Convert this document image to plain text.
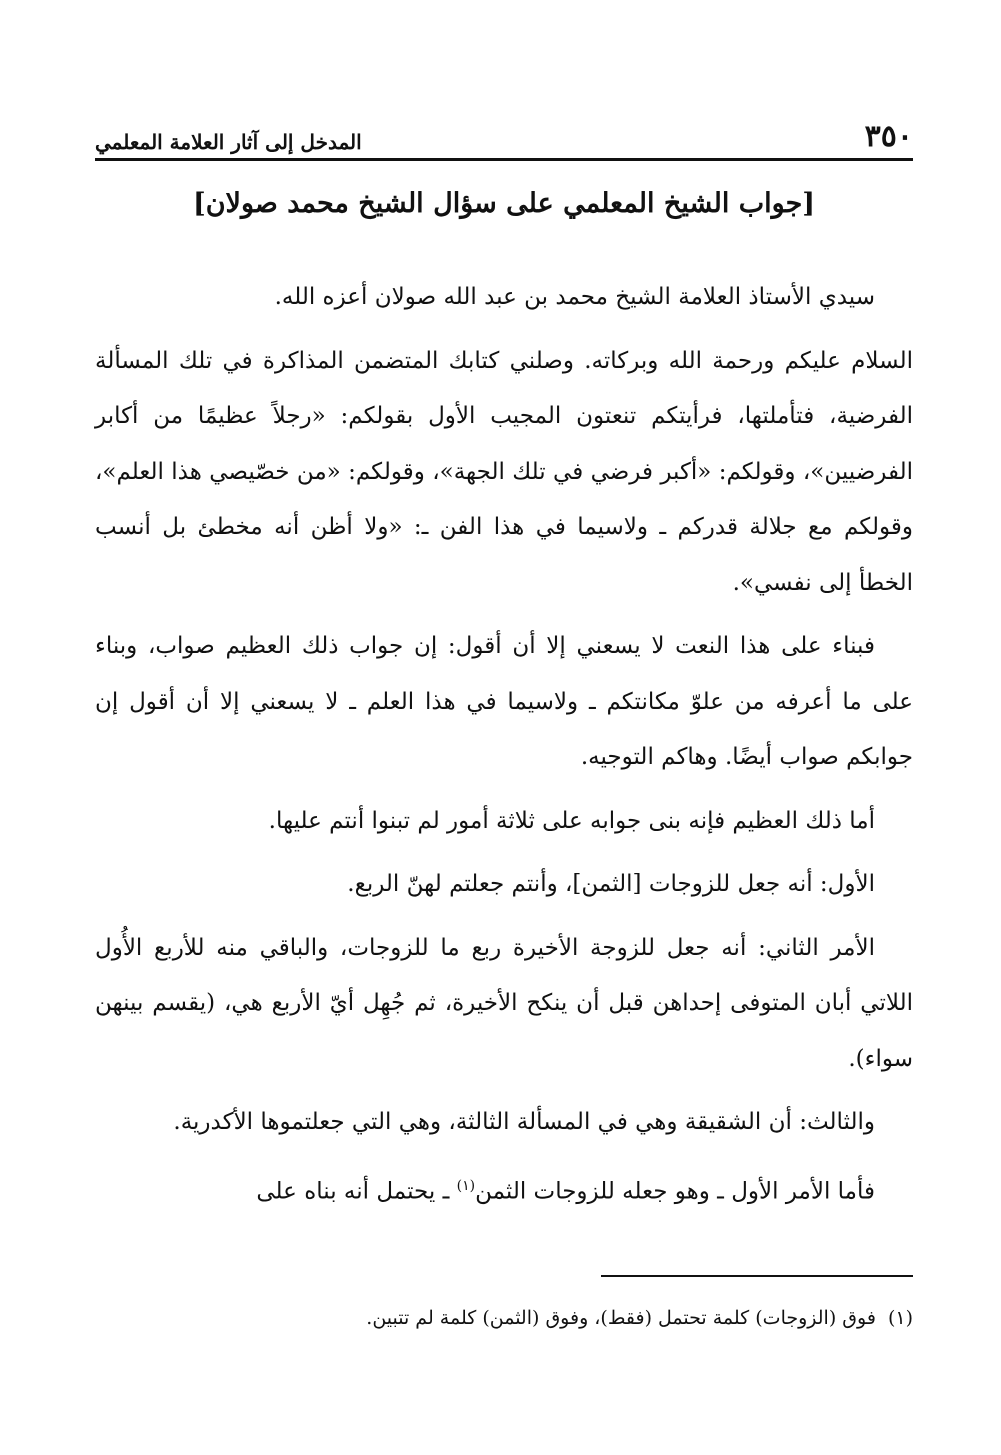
٣٥٠
المدخل إلى آثار العلامة المعلمي
[جواب الشيخ المعلمي على سؤال الشيخ محمد صولان]

سيدي الأستاذ العلامة الشيخ محمد بن عبد الله صولان أعزه الله.

السلام عليكم ورحمة الله وبركاته. وصلني كتابك المتضمن المذاكرة في تلك المسألة الفرضية، فتأملتها، فرأيتكم تنعتون المجيب الأول بقولكم: «رجلاً عظيمًا من أكابر الفرضيين»، وقولكم: «أكبر فرضي في تلك الجهة»، وقولكم: «من خصّيصي هذا العلم»، وقولكم مع جلالة قدركم ـ ولاسيما في هذا الفن ـ: «ولا أظن أنه مخطئ بل أنسب الخطأ إلى نفسي».

فبناء على هذا النعت لا يسعني إلا أن أقول: إن جواب ذلك العظيم صواب، وبناء على ما أعرفه من علوّ مكانتكم ـ ولاسيما في هذا العلم ـ لا يسعني إلا أن أقول إن جوابكم صواب أيضًا. وهاكم التوجيه.

أما ذلك العظيم فإنه بنى جوابه على ثلاثة أمور لم تبنوا أنتم عليها.

الأول: أنه جعل للزوجات [الثمن]، وأنتم جعلتم لهنّ الربع.

الأمر الثاني: أنه جعل للزوجة الأخيرة ربع ما للزوجات، والباقي منه للأربع الأُول اللاتي أبان المتوفى إحداهن قبل أن ينكح الأخيرة، ثم جُهِل أيّ الأربع هي، (يقسم بينهن سواء).

والثالث: أن الشقيقة وهي في المسألة الثالثة، وهي التي جعلتموها الأكدرية.

فأما الأمر الأول ـ وهو جعله للزوجات الثمن$^{(١)}$ ـ يحتمل أنه بناه على

(١)فوق (الزوجات) كلمة تحتمل (فقط)، وفوق (الثمن) كلمة لم تتبين.
